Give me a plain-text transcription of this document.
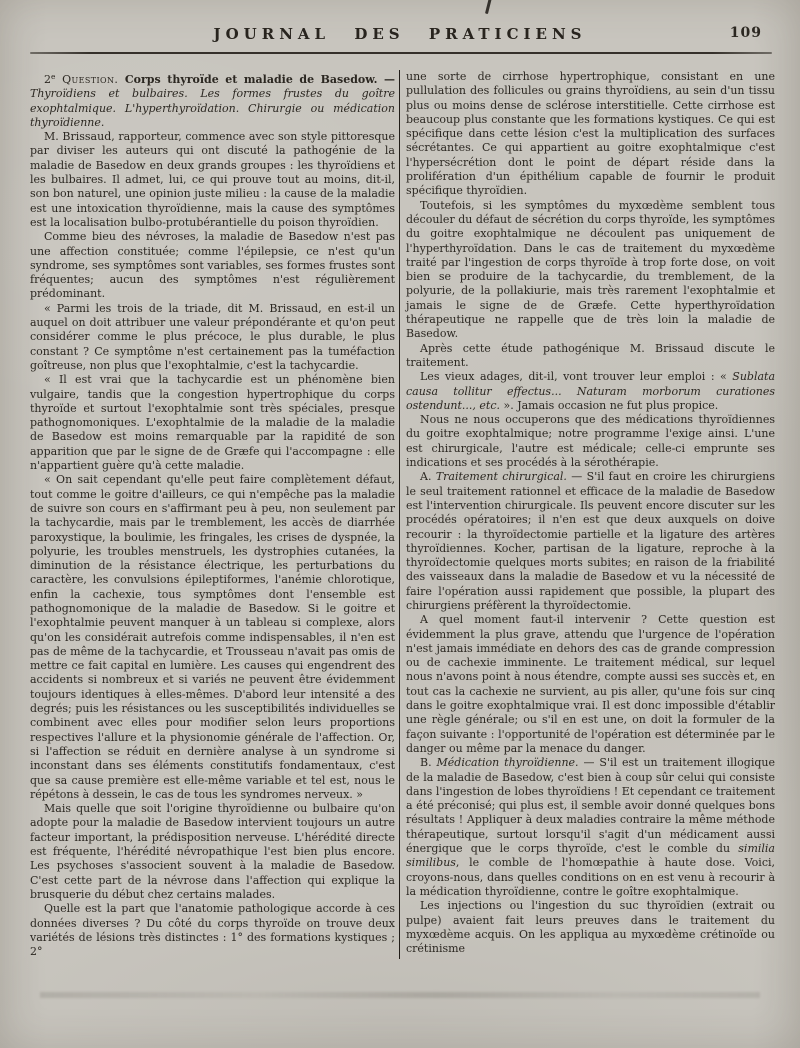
JOURNAL DES PRATICIENS	109

2e Question. Corps thyroïde et maladie de Basedow. — Thyroïdiens et bulbaires. Les formes frustes du goître exophtalmique. L'hyperthyroïdation. Chirurgie ou médication thyroïdienne.

M. Brissaud, rapporteur, commence avec son style pittoresque par diviser les auteurs qui ont discuté la pathogénie de la maladie de Basedow en deux grands groupes : les thyroïdiens et les bulbaires. Il admet, lui, ce qui prouve tout au moins, dit-il, son bon naturel, une opinion juste milieu : la cause de la maladie est une intoxication thyroïdienne, mais la cause des symptômes est la localisation bulbo-protubérantielle du poison thyroïdien.

Comme bieu des névroses, la maladie de Basedow n'est pas une affection constituée; comme l'épilepsie, ce n'est qu'un syndrome, ses symptômes sont variables, ses formes frustes sont fréquentes; aucun des symptômes n'est régulièrement prédominant.

« Parmi les trois de la triade, dit M. Brissaud, en est-il un auquel on doit attribuer une valeur prépondérante et qu'on peut considérer comme le plus précoce, le plus durable, le plus constant ? Ce symptôme n'est certainement pas la tuméfaction goîtreuse, non plus que l'exophtalmie, c'est la tachycardie.

« Il est vrai que la tachycardie est un phénomène bien vulgaire, tandis que la congestion hypertrophique du corps thyroïde et surtout l'exophtalmie sont très spéciales, presque pathognomoniques. L'exophtalmie de la maladie de la maladie de Basedow est moins remarquable par la rapidité de son apparition que par le signe de de Græfe qui l'accompagne : elle n'appartient guère qu'à cette maladie.

« On sait cependant qu'elle peut faire complètement défaut, tout comme le goitre d'ailleurs, ce qui n'empêche pas la maladie de suivre son cours en s'affirmant peu à peu, non seulement par la tachycardie, mais par le tremblement, les accès de diarrhée paroxystique, la boulimie, les fringales, les crises de dyspnée, la polyurie, les troubles menstruels, les dystrophies cutanées, la diminution de la résistance électrique, les perturbations du caractère, les convulsions épileptiformes, l'anémie chlorotique, enfin la cachexie, tous symptômes dont l'ensemble est pathognomonique de la maladie de Basedow. Si le goitre et l'exophtalmie peuvent manquer à un tableau si complexe, alors qu'on les considérait autrefois comme indispensables, il n'en est pas de même de la tachycardie, et Trousseau n'avait pas omis de mettre ce fait capital en lumière. Les causes qui engendrent des accidents si nombreux et si variés ne peuvent être évidemment toujours identiques à elles-mêmes. D'abord leur intensité a des degrés; puis les résistances ou les susceptibilités individuelles se combinent avec elles pour modifier selon leurs proportions respectives l'allure et la physionomie générale de l'affection. Or, si l'affection se réduit en dernière analyse à un syndrome si inconstant dans ses éléments constitutifs fondamentaux, c'est que sa cause première est elle-même variable et tel est, nous le répétons à dessein, le cas de tous les syndromes nerveux. »

Mais quelle que soit l'origine thyroïdienne ou bulbaire qu'on adopte pour la maladie de Basedow intervient toujours un autre facteur important, la prédisposition nerveuse. L'hérédité directe est fréquente, l'hérédité névropathique l'est bien plus encore. Les psychoses s'associent souvent à la maladie de Basedow. C'est cette part de la névrose dans l'affection qui explique la brusquerie du début chez certains malades.

Quelle est la part que l'anatomie pathologique accorde à ces données diverses ? Du côté du corps thyroïde on trouve deux variétés de lésions très distinctes : 1° des formations kystiques ; 2°

une sorte de cirrhose hypertrophique, consistant en une pullulation des follicules ou grains thyroïdiens, au sein d'un tissu plus ou moins dense de sclérose interstitielle. Cette cirrhose est beaucoup plus constante que les formations kystiques. Ce qui est spécifique dans cette lésion c'est la multiplication des surfaces sécrétantes. Ce qui appartient au goitre exophtalmique c'est l'hypersécrétion dont le point de départ réside dans la prolifération d'un épithélium capable de fournir le produit spécifique thyroïdien.

Toutefois, si les symptômes du myxœdème semblent tous découler du défaut de sécrétion du corps thyroïde, les symptômes du goitre exophtalmique ne découlent pas uniquement de l'hyperthyroïdation. Dans le cas de traitement du myxœdème traité par l'ingestion de corps thyroïde à trop forte dose, on voit bien se produire de la tachycardie, du tremblement, de la polyurie, de la pollakiurie, mais très rarement l'exophtalmie et jamais le signe de de Græfe. Cette hyperthyroïdation thérapeutique ne rappelle que de très loin la maladie de Basedow.

Après cette étude pathogénique M. Brissaud discute le traitement.

Les vieux adages, dit-il, vont trouver leur emploi : « Sublata causa tollitur effectus... Naturam morborum curationes ostendunt..., etc. ». Jamais occasion ne fut plus propice.

Nous ne nous occuperons que des médications thyroïdiennes du goitre exophtalmique; notre programme l'exige ainsi. L'une est chirurgicale, l'autre est médicale; celle-ci emprunte ses indications et ses procédés à la sérothérapie.

A. Traitement chirurgical. — S'il faut en croire les chirurgiens le seul traitement rationnel et efficace de la maladie de Basedow est l'intervention chirurgicale. Ils peuvent encore discuter sur les procédés opératoires; il n'en est que deux auxquels on doive recourir : la thyroïdectomie partielle et la ligature des artères thyroïdiennes. Kocher, partisan de la ligature, reproche à la thyroïdectomie quelques morts subites; en raison de la friabilité des vaisseaux dans la maladie de Basedow et vu la nécessité de faire l'opération aussi rapidement que possible, la plupart des chirurgiens préfèrent la thyroïdectomie.

A quel moment faut-il intervenir ? Cette question est évidemment la plus grave, attendu que l'urgence de l'opération n'est jamais immédiate en dehors des cas de grande compression ou de cachexie imminente. Le traitement médical, sur lequel nous n'avons point à nous étendre, compte aussi ses succès et, en tout cas la cachexie ne survient, au pis aller, qu'une fois sur cinq dans le goitre exophtalmique vrai. Il est donc impossible d'établir une règle générale; ou s'il en est une, on doit la formuler de la façon suivante : l'opportunité de l'opération est déterminée par le danger ou même par la menace du danger.

B. Médication thyroïdienne. — S'il est un traitement illogique de la maladie de Basedow, c'est bien à coup sûr celui qui consiste dans l'ingestion de lobes thyroïdiens ! Et cependant ce traitement a été préconisé; qui plus est, il semble avoir donné quelques bons résultats ! Appliquer à deux maladies contraire la même méthode thérapeutique, surtout lorsqu'il s'agit d'un médicament aussi énergique que le corps thyroïde, c'est le comble du similia similibus, le comble de l'homœpathie à haute dose. Voici, croyons-nous, dans quelles conditions on en est venu à recourir à la médication thyroïdienne, contre le goître exophtalmique.

Les injections ou l'ingestion du suc thyroïdien (extrait ou pulpe) avaient fait leurs preuves dans le traitement du myxœdème acquis. On les appliqua au myxœdème crétinoïde ou crétinisme
